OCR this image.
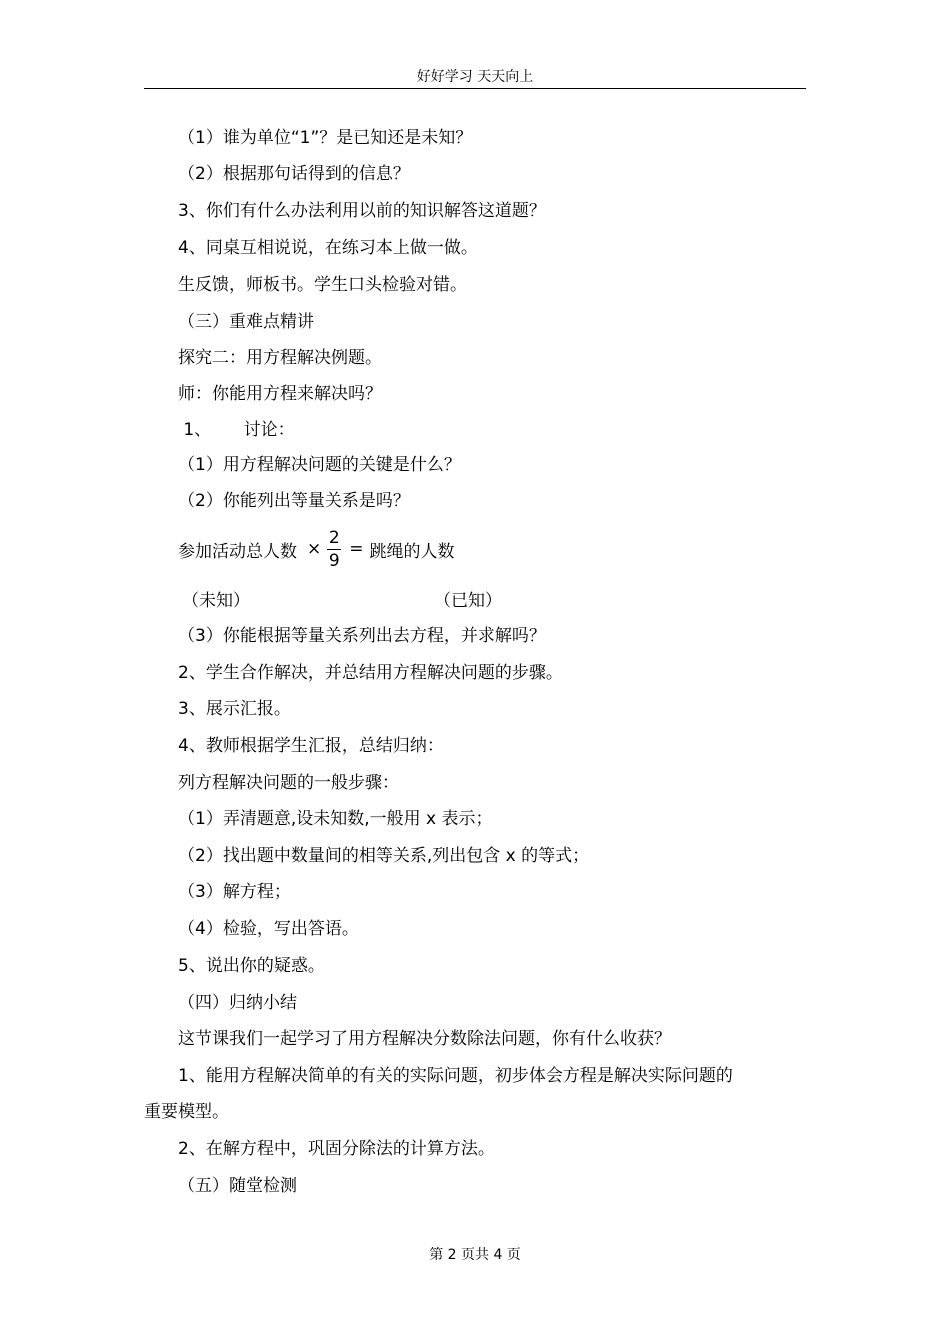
好好学习 天天向上
（1）谁为单位“1”？是已知还是未知？
（2）根据那句话得到的信息？
3、你们有什么办法利用以前的知识解答这道题？
4、同桌互相说说，在练习本上做一做。
生反馈，师板书。学生口头检验对错。
（三）重难点精讲
探究二：用方程解决例题。
师：你能用方程来解决吗？
1、      讨论：
（1）用方程解决问题的关键是什么？
（2）你能列出等量关系是吗？
参加活动总人数 × $\frac{2}{9}$ = 跳绳的人数
（未知）	（已知）
（3）你能根据等量关系列出去方程，并求解吗？
2、学生合作解决，并总结用方程解决问题的步骤。
3、展示汇报。
4、教师根据学生汇报，总结归纳：
列方程解决问题的一般步骤：
（1）弄清题意,设未知数,一般用 x 表示；
（2）找出题中数量间的相等关系,列出包含 x 的等式；
（3）解方程；
（4）检验，写出答语。
5、说出你的疑惑。
（四）归纳小结
这节课我们一起学习了用方程解决分数除法问题，你有什么收获？
1、能用方程解决简单的有关的实际问题，初步体会方程是解决实际问题的
重要模型。
2、在解方程中，巩固分除法的计算方法。
（五）随堂检测
第 2 页共 4 页
